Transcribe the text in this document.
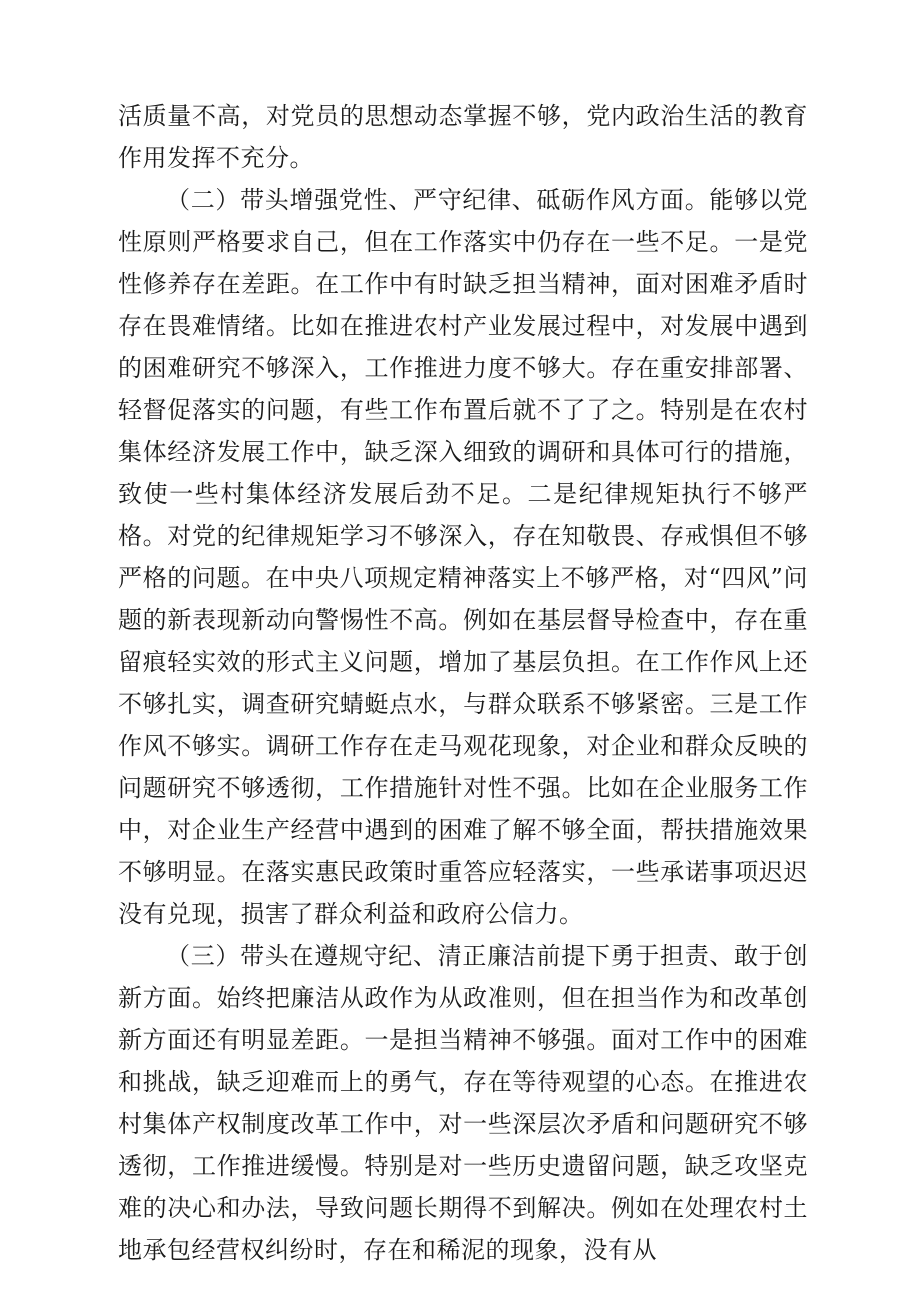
活质量不高，对党员的思想动态掌握不够，党内政治生活的教育作用发挥不充分。

（二）带头增强党性、严守纪律、砥砺作风方面。能够以党性原则严格要求自己，但在工作落实中仍存在一些不足。一是党性修养存在差距。在工作中有时缺乏担当精神，面对困难矛盾时存在畏难情绪。比如在推进农村产业发展过程中，对发展中遇到的困难研究不够深入，工作推进力度不够大。存在重安排部署、轻督促落实的问题，有些工作布置后就不了了之。特别是在农村集体经济发展工作中，缺乏深入细致的调研和具体可行的措施，致使一些村集体经济发展后劲不足。二是纪律规矩执行不够严格。对党的纪律规矩学习不够深入，存在知敬畏、存戒惧但不够严格的问题。在中央八项规定精神落实上不够严格，对“四风”问题的新表现新动向警惕性不高。例如在基层督导检查中，存在重留痕轻实效的形式主义问题，增加了基层负担。在工作作风上还不够扎实，调查研究蜻蜓点水，与群众联系不够紧密。三是工作作风不够实。调研工作存在走马观花现象，对企业和群众反映的问题研究不够透彻，工作措施针对性不强。比如在企业服务工作中，对企业生产经营中遇到的困难了解不够全面，帮扶措施效果不够明显。在落实惠民政策时重答应轻落实，一些承诺事项迟迟没有兑现，损害了群众利益和政府公信力。

（三）带头在遵规守纪、清正廉洁前提下勇于担责、敢于创新方面。始终把廉洁从政作为从政准则，但在担当作为和改革创新方面还有明显差距。一是担当精神不够强。面对工作中的困难和挑战，缺乏迎难而上的勇气，存在等待观望的心态。在推进农村集体产权制度改革工作中，对一些深层次矛盾和问题研究不够透彻，工作推进缓慢。特别是对一些历史遗留问题，缺乏攻坚克难的决心和办法，导致问题长期得不到解决。例如在处理农村土地承包经营权纠纷时，存在和稀泥的现象，没有从
